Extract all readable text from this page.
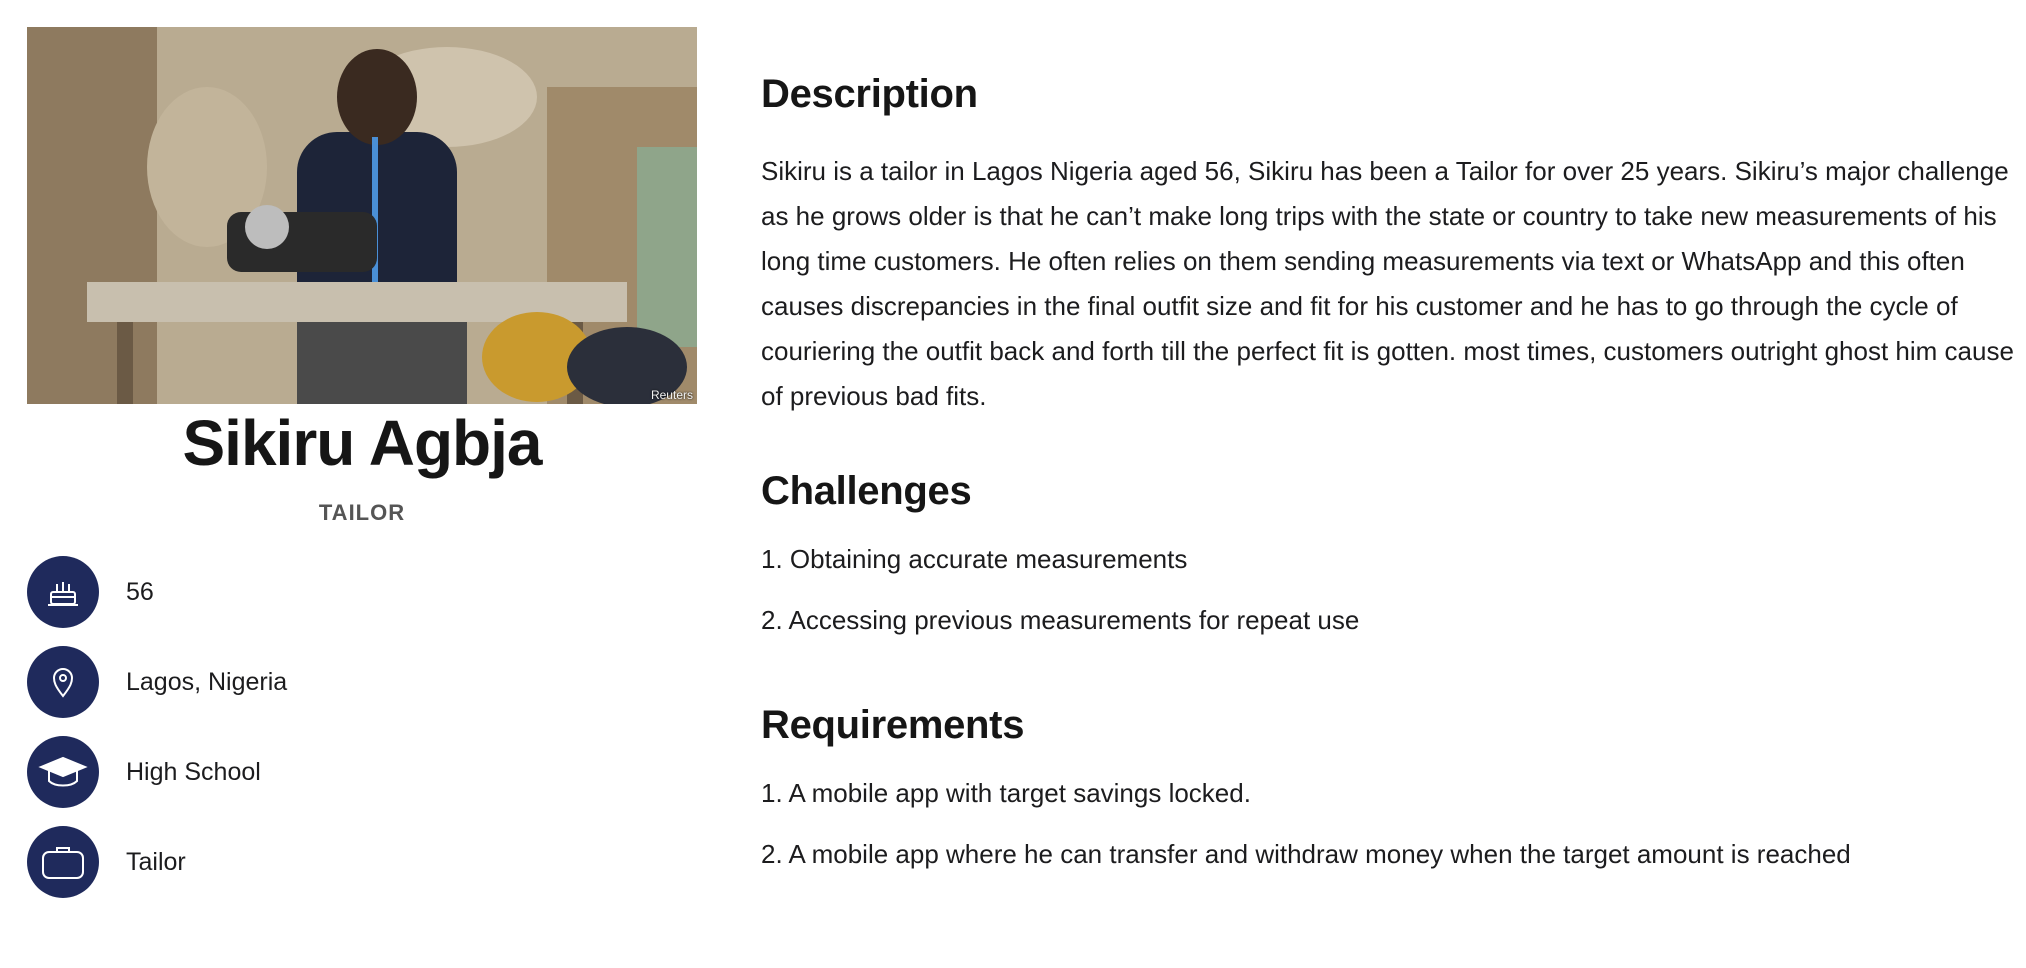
Reuters
Sikiru Agbja
TAILOR
56
Lagos, Nigeria
High School
Tailor
Description

Sikiru is a tailor in Lagos Nigeria aged 56, Sikiru has been a Tailor for over 25 years. Sikiru’s major challenge as he grows older is that he can’t make long trips with the state or country to take new measurements of his long time customers. He often relies on them sending measurements via text or WhatsApp and this often causes discrepancies in the final outfit size and fit for his customer and he has to go through the cycle of couriering the outfit back and forth till the perfect fit is gotten. most times, customers outright ghost him cause of previous bad fits.

Challenges
1. Obtaining accurate measurements
2. Accessing previous measurements for repeat use
Requirements
1. A mobile app with target savings locked.
2. A mobile app where he can transfer and withdraw money when the target amount is reached
